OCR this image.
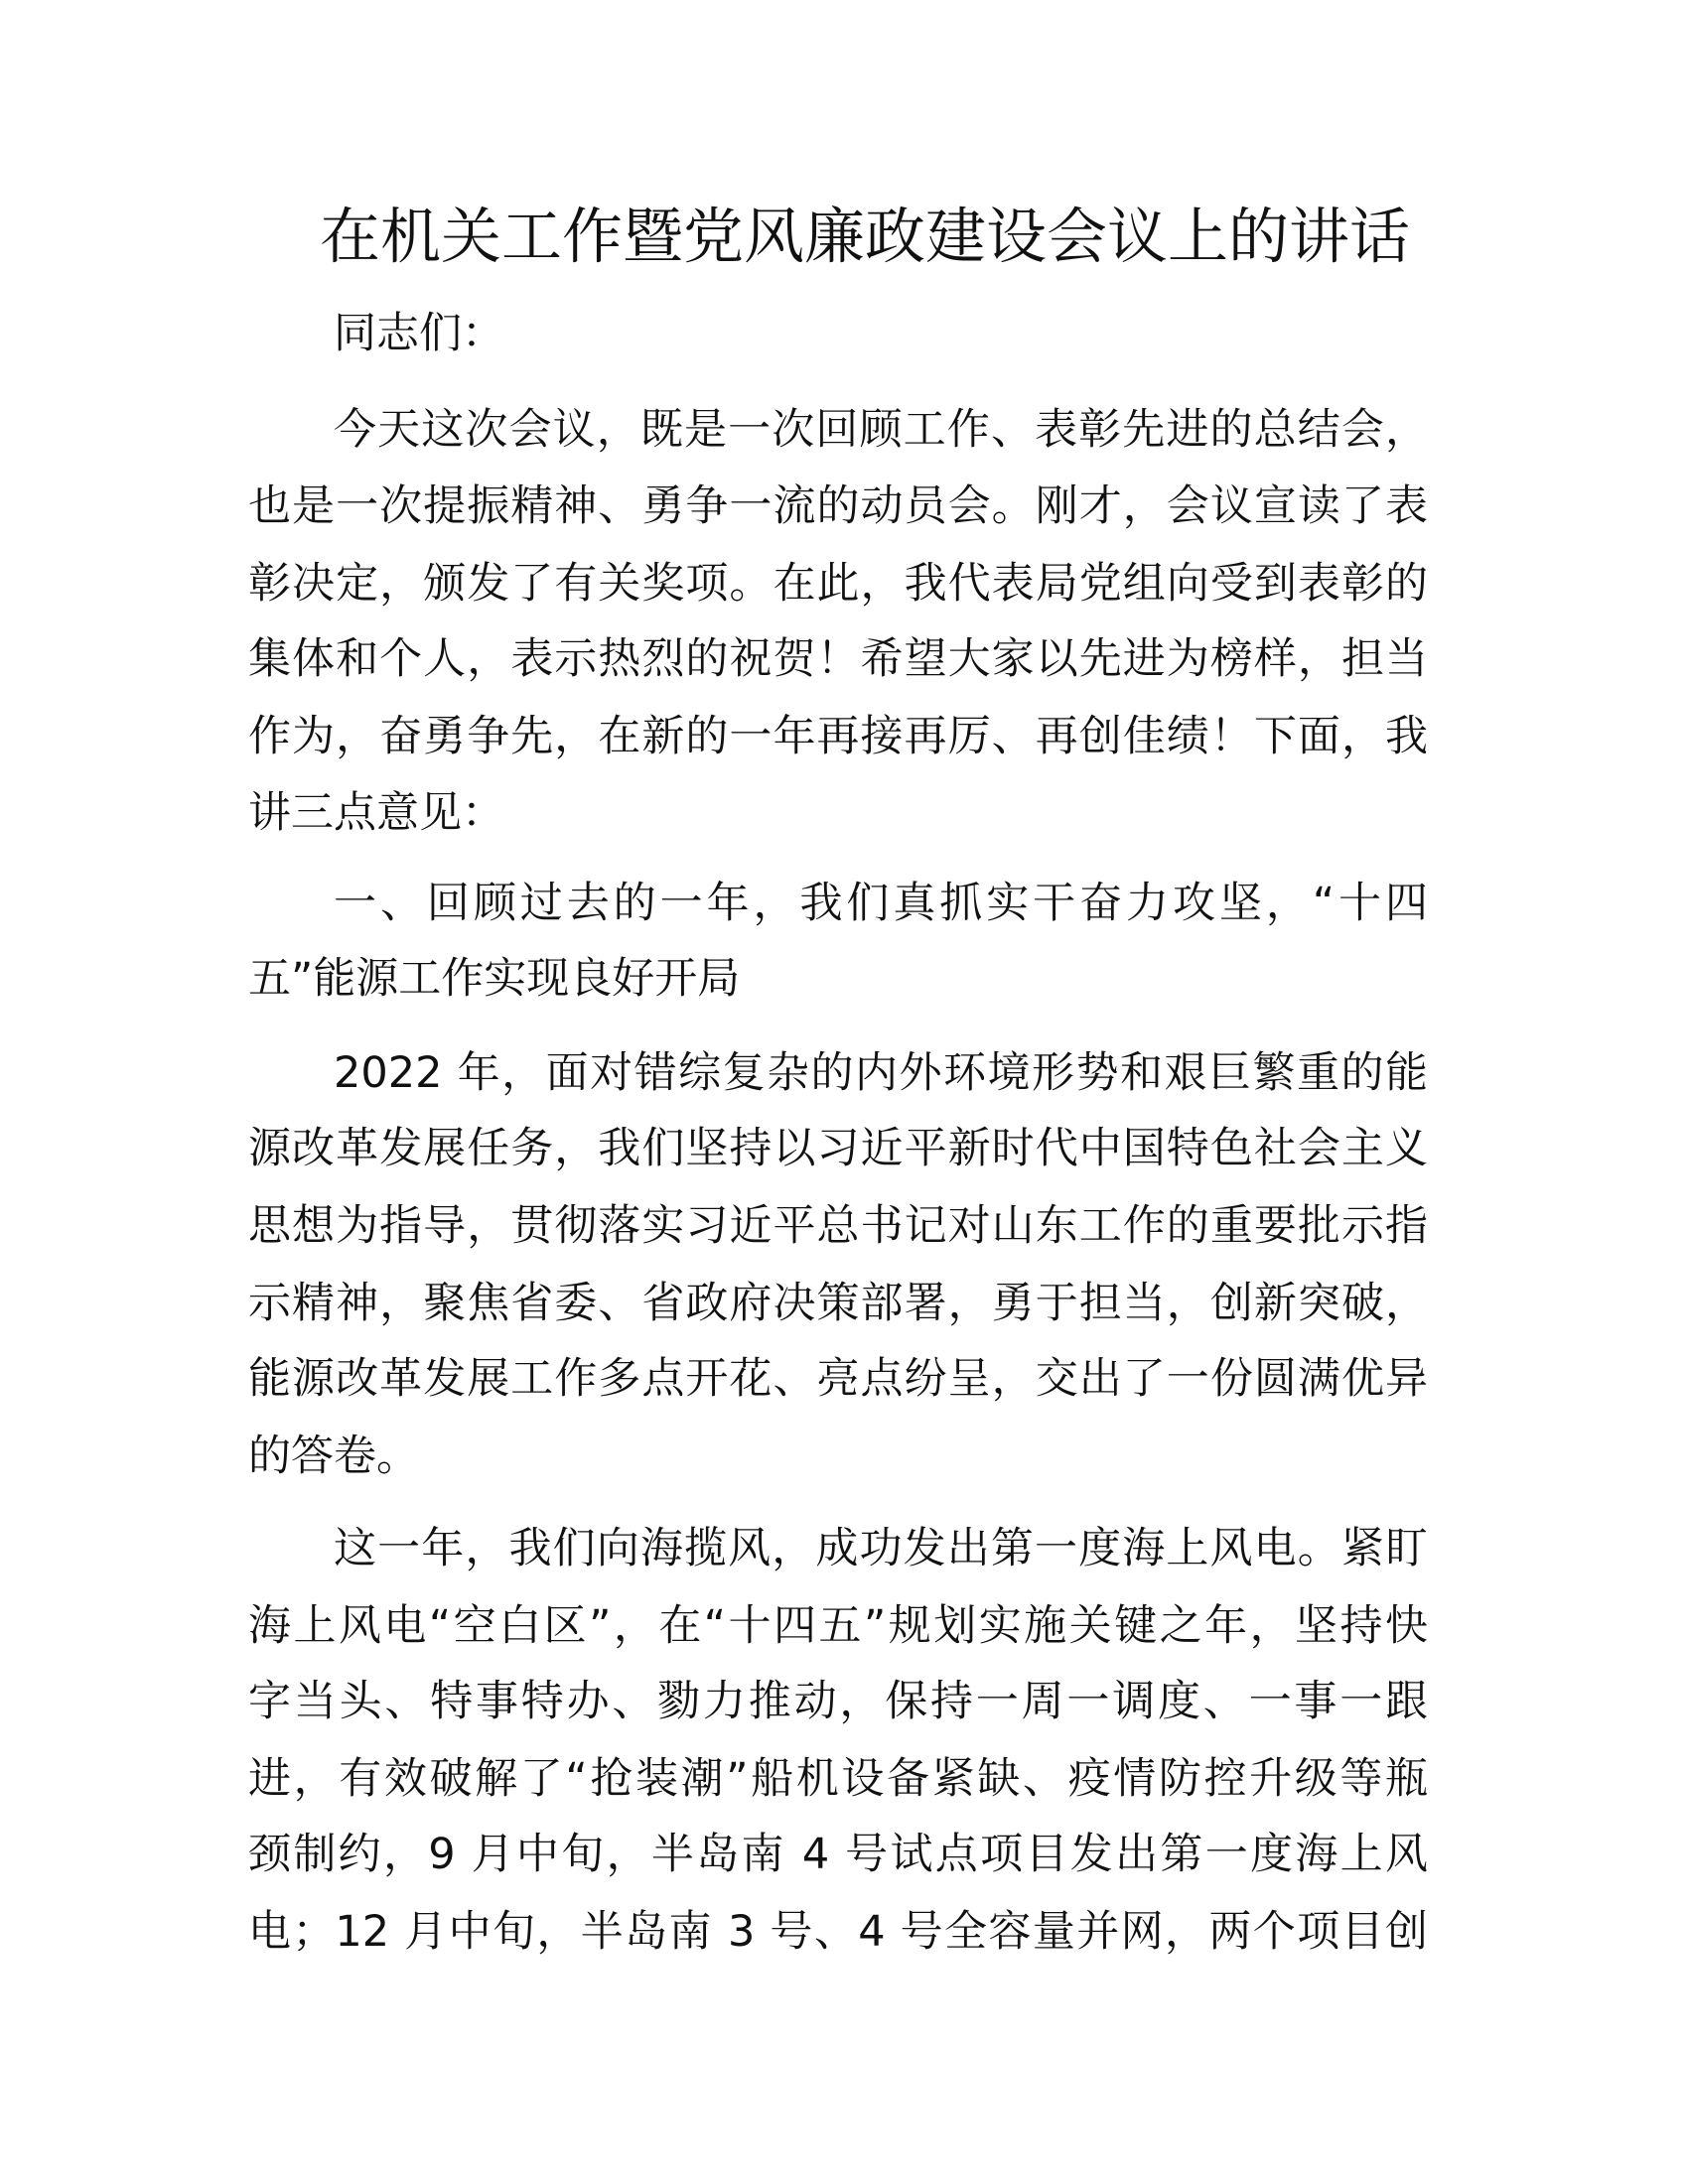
在机关工作暨党风廉政建设会议上的讲话
同志们：
今天这次会议，既是一次回顾工作、表彰先进的总结会，
也是一次提振精神、勇争一流的动员会。刚才，会议宣读了表
彰决定，颁发了有关奖项。在此，我代表局党组向受到表彰的
集体和个人，表示热烈的祝贺！希望大家以先进为榜样，担当
作为，奋勇争先，在新的一年再接再厉、再创佳绩！下面，我
讲三点意见：
一、回顾过去的一年，我们真抓实干奋力攻坚，“十四
五”能源工作实现良好开局
2022 年，面对错综复杂的内外环境形势和艰巨繁重的能
源改革发展任务，我们坚持以习近平新时代中国特色社会主义
思想为指导，贯彻落实习近平总书记对山东工作的重要批示指
示精神，聚焦省委、省政府决策部署，勇于担当，创新突破，
能源改革发展工作多点开花、亮点纷呈，交出了一份圆满优异
的答卷。
这一年，我们向海揽风，成功发出第一度海上风电。紧盯
海上风电“空白区”，在“十四五”规划实施关键之年，坚持快
字当头、特事特办、勠力推动，保持一周一调度、一事一跟
进，有效破解了“抢装潮”船机设备紧缺、疫情防控升级等瓶
颈制约，9 月中旬，半岛南 4 号试点项目发出第一度海上风
电；12 月中旬，半岛南 3 号、4 号全容量并网，两个项目创
